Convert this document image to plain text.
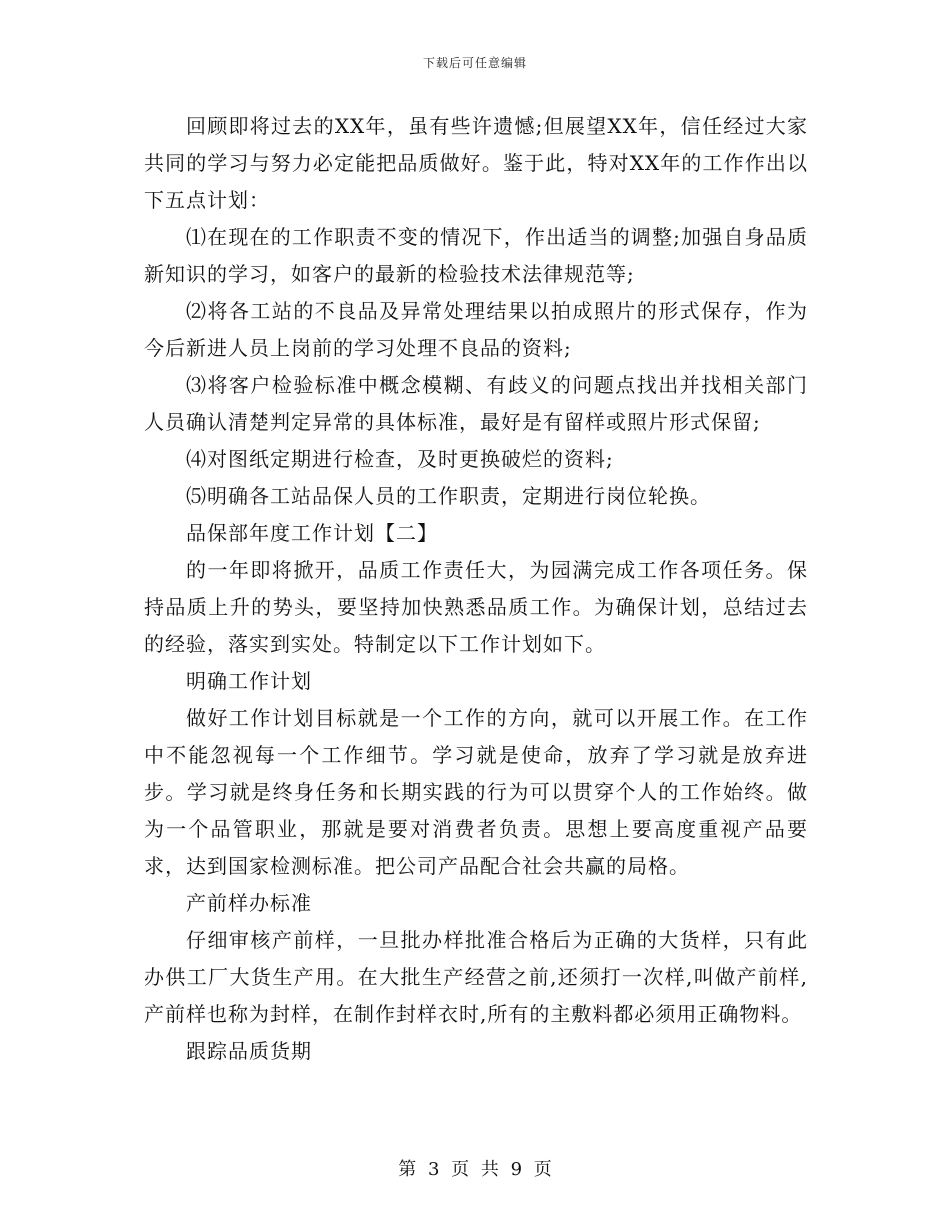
下载后可任意编辑

回顾即将过去的XX年，虽有些许遗憾;但展望XX年，信任经过大家共同的学习与努力必定能把品质做好。鉴于此，特对XX年的工作作出以下五点计划：

⑴在现在的工作职责不变的情况下，作出适当的调整;加强自身品质新知识的学习，如客户的最新的检验技术法律规范等;

⑵将各工站的不良品及异常处理结果以拍成照片的形式保存，作为今后新进人员上岗前的学习处理不良品的资料;

⑶将客户检验标准中概念模糊、有歧义的问题点找出并找相关部门人员确认清楚判定异常的具体标准，最好是有留样或照片形式保留;

⑷对图纸定期进行检查，及时更换破烂的资料;

⑸明确各工站品保人员的工作职责，定期进行岗位轮换。

品保部年度工作计划【二】

的一年即将掀开，品质工作责任大，为园满完成工作各项任务。保持品质上升的势头，要坚持加快熟悉品质工作。为确保计划，总结过去的经验，落实到实处。特制定以下工作计划如下。

明确工作计划

做好工作计划目标就是一个工作的方向，就可以开展工作。在工作中不能忽视每一个工作细节。学习就是使命，放弃了学习就是放弃进步。学习就是终身任务和长期实践的行为可以贯穿个人的工作始终。做为一个品管职业，那就是要对消费者负责。思想上要高度重视产品要求，达到国家检测标准。把公司产品配合社会共赢的局格。

产前样办标准

仔细审核产前样，一旦批办样批准合格后为正确的大货样，只有此办供工厂大货生产用。在大批生产经营之前,还须打一次样,叫做产前样,产前样也称为封样，在制作封样衣时,所有的主敷料都必须用正确物料。

跟踪品质货期

第 3 页 共 9 页
